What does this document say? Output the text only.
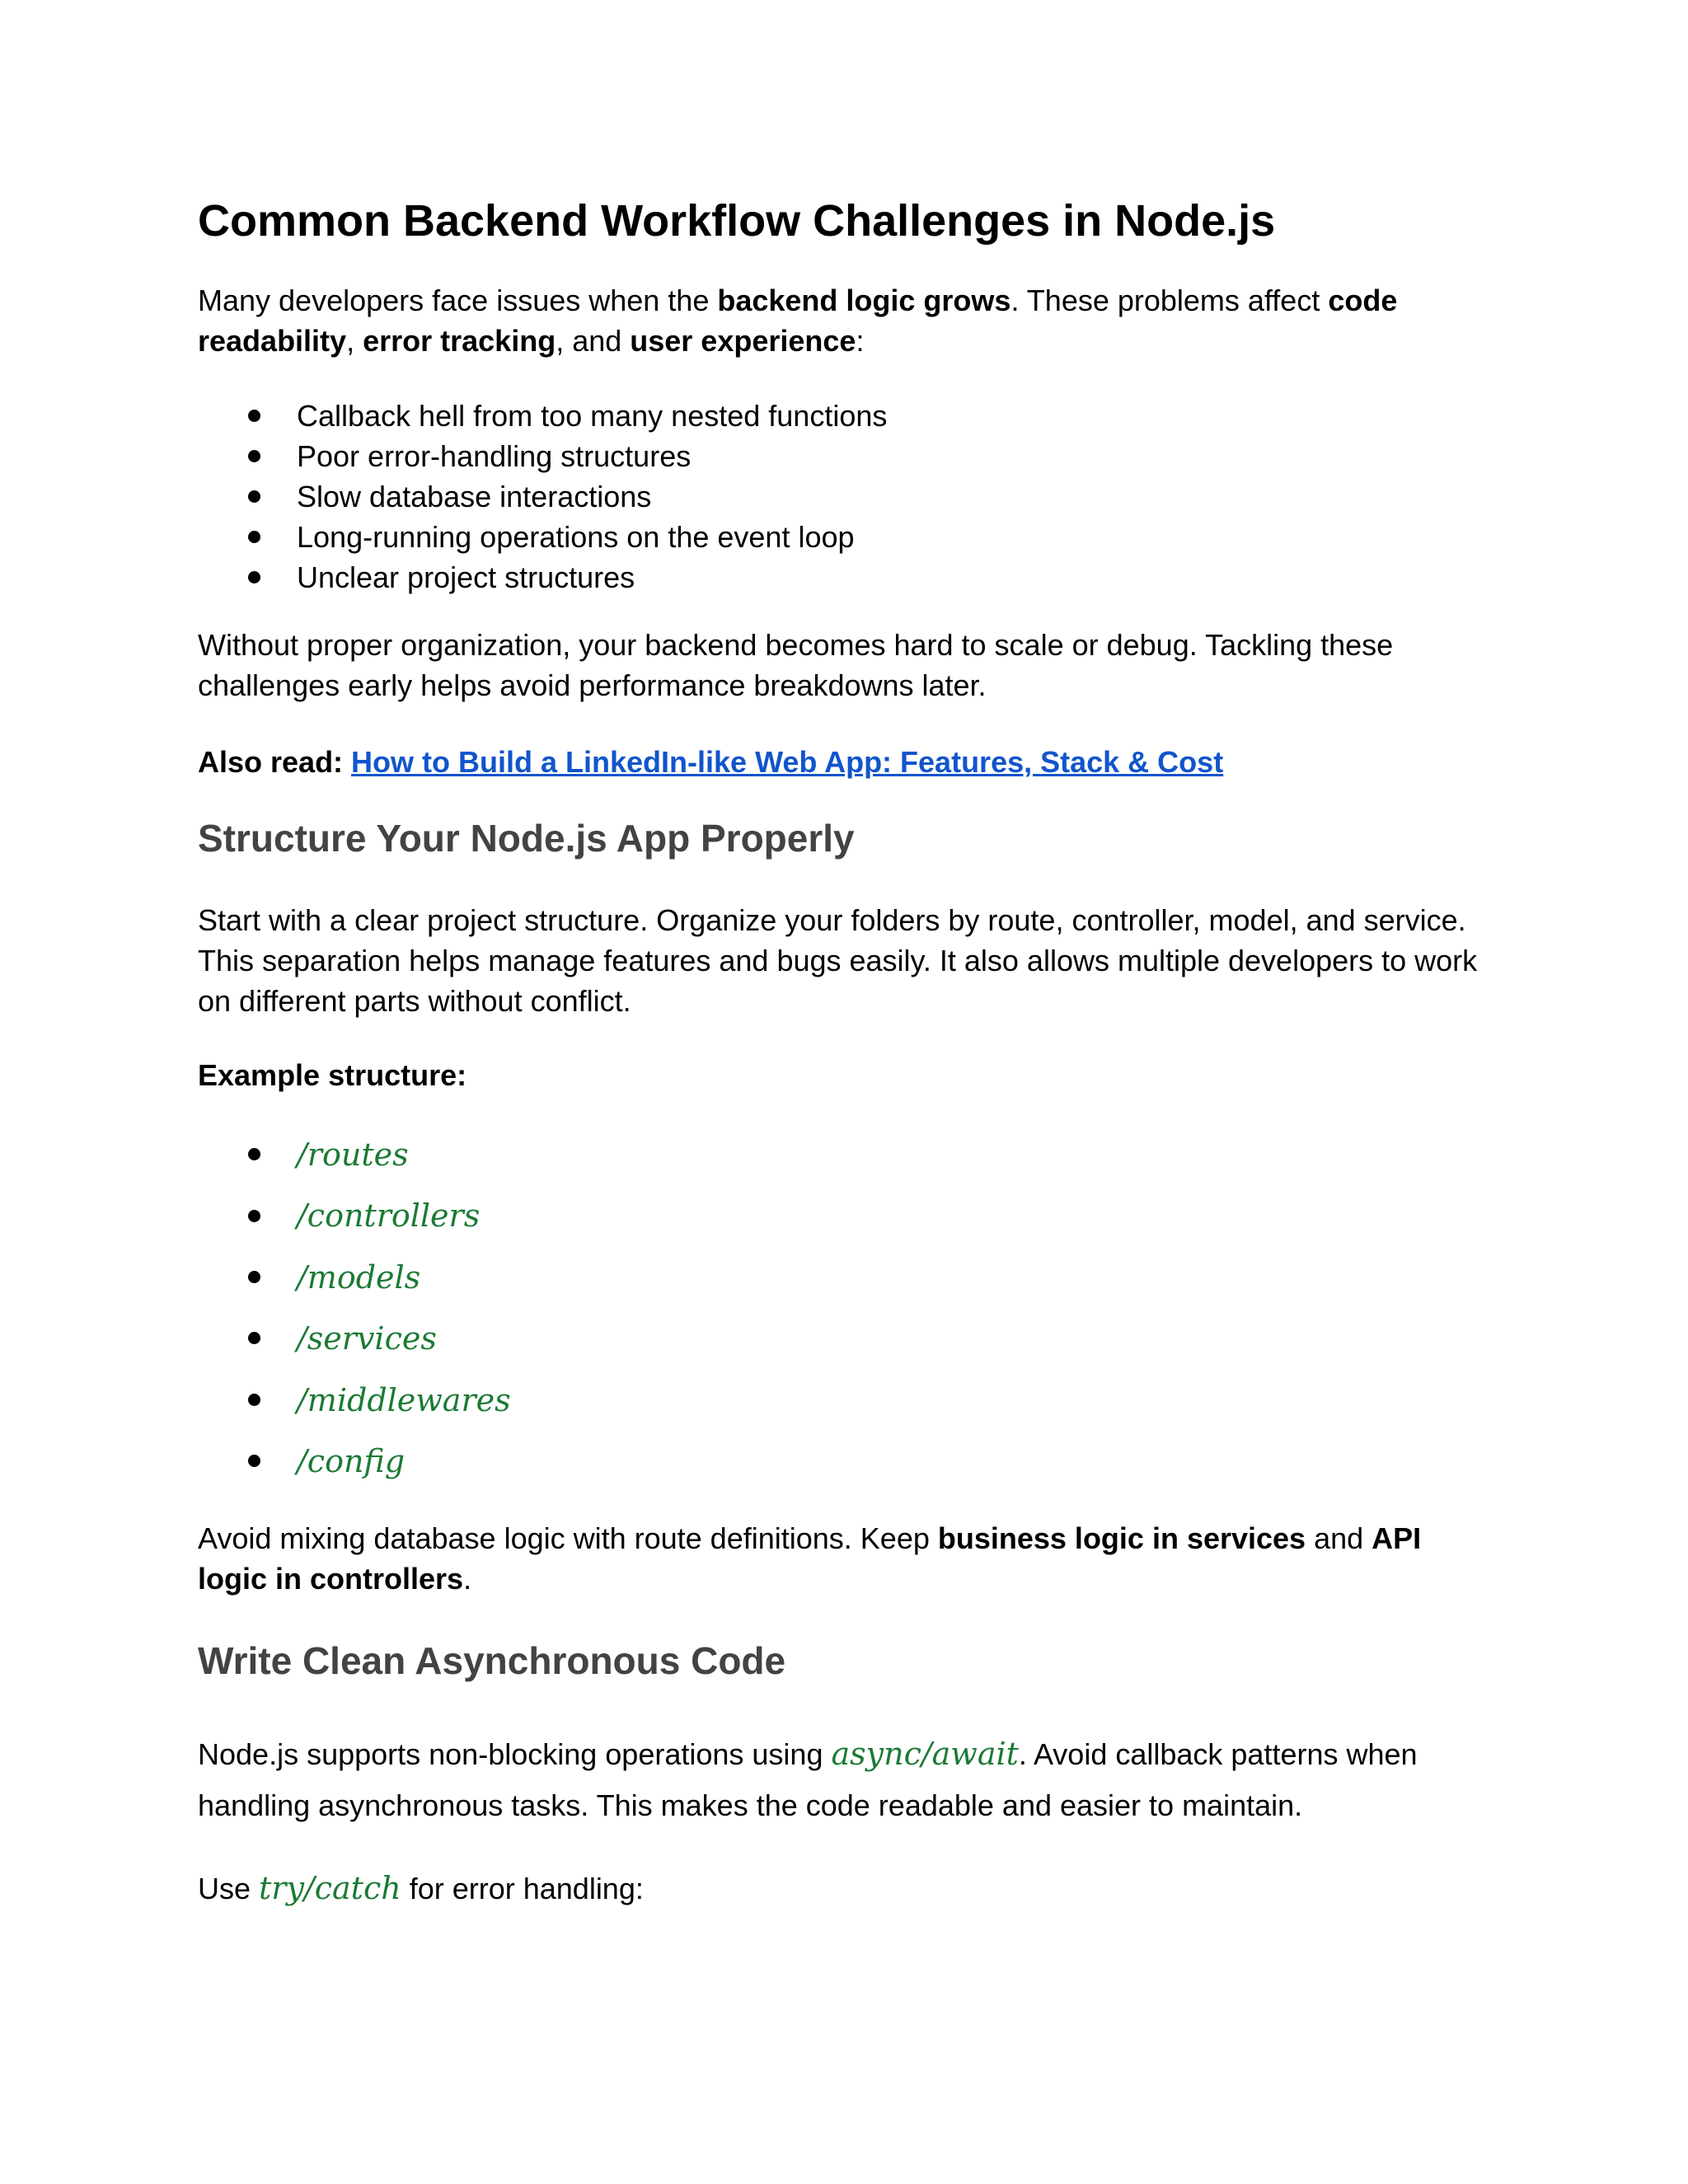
Common Backend Workflow Challenges in Node.js

Many developers face issues when the backend logic grows. These problems affect code readability, error tracking, and user experience:

Callback hell from too many nested functions
Poor error-handling structures
Slow database interactions
Long-running operations on the event loop
Unclear project structures

Without proper organization, your backend becomes hard to scale or debug. Tackling these challenges early helps avoid performance breakdowns later.

Also read: How to Build a LinkedIn-like Web App: Features, Stack & Cost

Structure Your Node.js App Properly

Start with a clear project structure. Organize your folders by route, controller, model, and service. This separation helps manage features and bugs easily. It also allows multiple developers to work on different parts without conflict.

Example structure:

/routes
/controllers
/models
/services
/middlewares
/config

Avoid mixing database logic with route definitions. Keep business logic in services and API logic in controllers.

Write Clean Asynchronous Code

Node.js supports non-blocking operations using async/await. Avoid callback patterns when handling asynchronous tasks. This makes the code readable and easier to maintain.

Use try/catch for error handling:
